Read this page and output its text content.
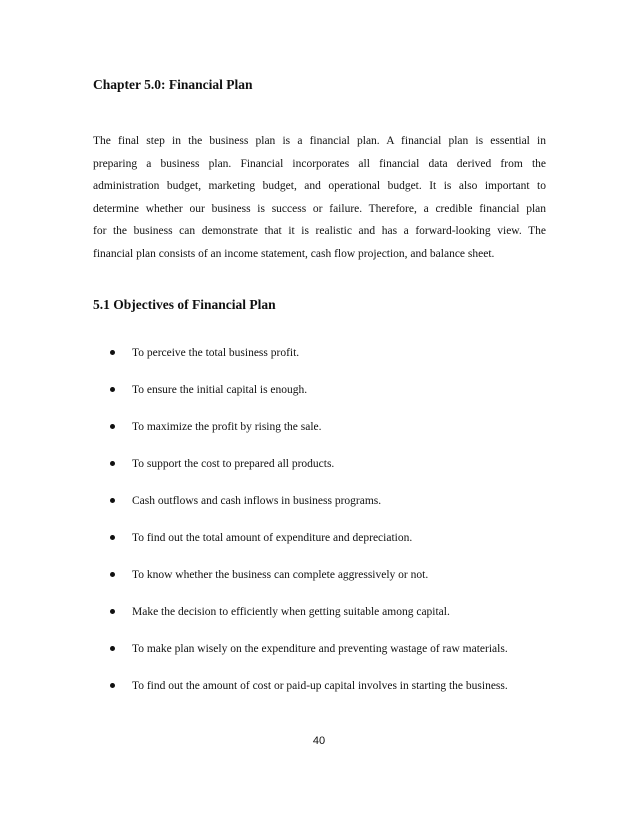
Chapter 5.0: Financial Plan

The final step in the business plan is a financial plan. A financial plan is essential in
preparing a business plan. Financial incorporates all financial data derived from the
administration budget, marketing budget, and operational budget. It is also important to
determine whether our business is success or failure. Therefore, a credible financial plan
for the business can demonstrate that it is realistic and has a forward-looking view. The
financial plan consists of an income statement, cash flow projection, and balance sheet.

5.1 Objectives of Financial Plan
To perceive the total business profit.
To ensure the initial capital is enough.
To maximize the profit by rising the sale.
To support the cost to prepared all products.
Cash outflows and cash inflows in business programs.
To find out the total amount of expenditure and depreciation.
To know whether the business can complete aggressively or not.
Make the decision to efficiently when getting suitable among capital.
To make plan wisely on the expenditure and preventing wastage of raw materials.
To find out the amount of cost or paid-up capital involves in starting the business.
40
